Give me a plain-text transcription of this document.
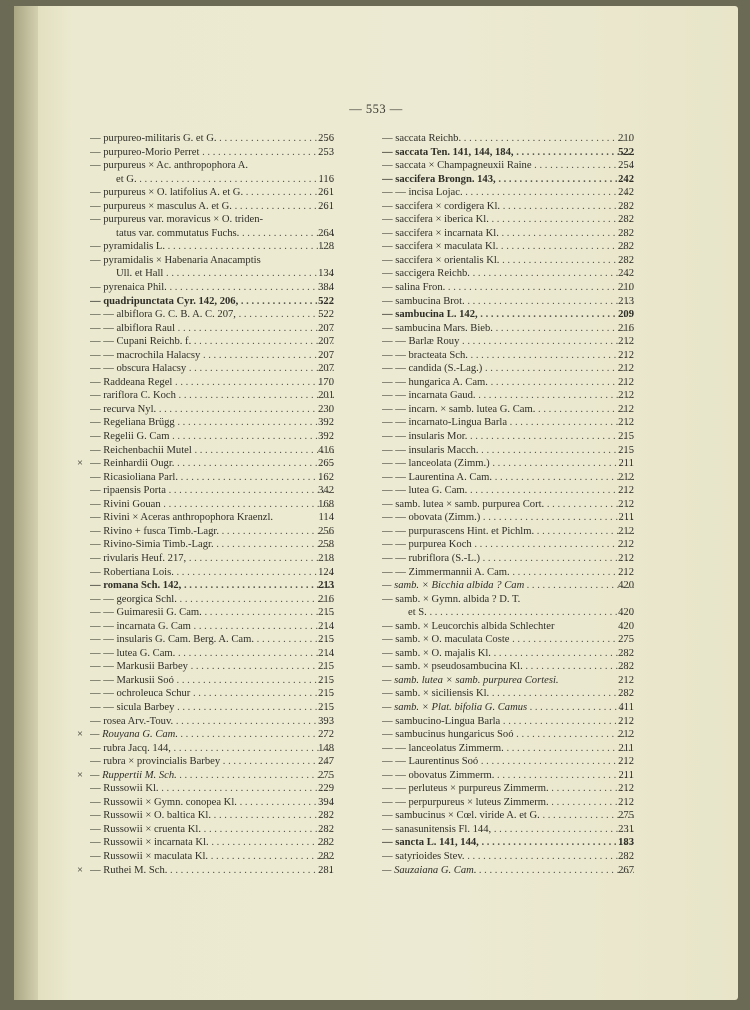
— 553 —
— purpureo-militaris G. et G. . . .	256
— purpureo-Morio Perret . . .	253
— purpureus × Ac. anthropophora A.
et G. . . .	116
— purpureus × O. latifolius A. et G. . . .	261
— purpureus × masculus A. et G. . . .	261
— purpureus var. moravicus × O. triden-
tatus var. commutatus Fuchs. . . .	264
— pyramidalis L. . . .	128
— pyramidalis × Habenaria Anacamptis
Ull. et Hall . . .	134
— pyrenaica Phil. . . .	384
— quadripunctata Cyr. 142, 206, . . .	522
— — albiflora G. C. B. A. C. 207, . . .	522
— — albiflora Raul . . .	207
— — Cupani Reichb. f. . . .	207
— — macrochila Halacsy . . .	207
— — obscura Halacsy . . .	207
— Raddeana Regel . . .	170
— rariflora C. Koch . . .	201
— recurva Nyl. . . .	230
— Regeliana Brügg . . .	392
— Regelii G. Cam . . .	392
— Reichenbachii Mutel . . .	416
× — Reinhardii Ougr. . . .	265
— Ricasioliana Parl. . . .	162
— ripaensis Porta . . .	342
— Rivini Gouan . . .	168
— Rivini × Aceras anthropophora Kraenzl.	114
— Rivino + fusca Timb.-Lagr. . . .	256
— Rivino-Simia Timb.-Lagr. . . .	258
— rivularis Heuf. 217, . . .	218
— Robertiana Lois. . . .	124
— romana Sch. 142, . . .	213
— — georgica Schl. . . .	216
— — Guimaresii G. Cam. . . .	215
— — incarnata G. Cam . . .	214
— — insularis G. Cam. Berg. A. Cam. . . .	215
— — lutea G. Cam. . . .	214
— — Markusii Barbey . . .	215
— — Markusii Soó . . .	215
— — ochroleuca Schur . . .	215
— — sicula Barbey . . .	215
— rosea Arv.-Touv. . . .	393
× — Rouyana G. Cam. . . .	272
— rubra Jacq. 144, . . .	148
— rubra × provincialis Barbey . . .	247
× — Ruppertii M. Sch. . . .	275
— Russowii Kl. . . .	229
— Russowii × Gymn. conopea Kl. . . .	394
— Russowii × O. baltica Kl. . . .	282
— Russowii × cruenta Kl. . . .	282
— Russowii × incarnata Kl. . . .	282
— Russowii × maculata Kl. . . .	282
× — Ruthei M. Sch. . . .	281
— saccata Reichb. . . .	210
— saccata Ten. 141, 144, 184, . . .	522
— saccata × Champagneuxii Raine . . .	254
— saccifera Brongn. 143, . . .	242
— — incisa Lojac. . . .	242
— saccifera × cordigera Kl. . . .	282
— saccifera × iberica Kl. . . .	282
— saccifera × incarnata Kl. . . .	282
— saccifera × maculata Kl. . . .	282
— saccifera × orientalis Kl. . . .	282
— saccigera Reichb. . . .	242
— salina Fron. . . .	210
— sambucina Brot. . . .	213
— sambucina L. 142, . . .	209
— sambucina Mars. Bieb. . . .	216
— — Barlæ Rouy . . .	212
— — bracteata Sch. . . .	212
— — candida (S.-Lag.) . . .	212
— — hungarica A. Cam. . . .	212
— — incarnata Gaud. . . .	212
— — incarn. × samb. lutea G. Cam. . . .	212
— — incarnato-Lingua Barla . . .	212
— — insularis Mor. . . .	215
— — insularis Macch. . . .	215
— — lanceolata (Zimm.) . . .	211
— — Laurentina A. Cam. . . .	212
— — lutea G. Cam. . . .	212
— samb. lutea × samb. purpurea Cort. . . .	212
— — obovata (Zimm.) . . .	211
— — purpurascens Hint. et Pichlm. . . .	212
— — purpurea Koch . . .	212
— — rubriflora (S.-L.) . . .	212
— — Zimmermannii A. Cam. . . .	212
— samb. × Bicchia albida ? Cam . . .	420
— samb. × Gymn. albida ? D. T.
et S. . . .	420
— samb. × Leucorchis albida Schlechter	420
— samb. × O. maculata Coste . . .	275
— samb. × O. majalis Kl. . . .	282
— samb. × pseudosambucina Kl. . . .	282
— samb. lutea × samb. purpurea Cortesi.	212
— samb. × siciliensis Kl. . . .	282
— samb. × Plat. bifolia G. Camus . . .	411
— sambucino-Lingua Barla . . .	212
— sambucinus hungaricus Soó . . .	212
— — lanceolatus Zimmerm. . . .	211
— — Laurentinus Soó . . .	212
— — obovatus Zimmerm. . . .	211
— — perluteus × purpureus Zimmerm. . . .	212
— — perpurpureus × luteus Zimmerm. . . .	212
— sambucinus × Cœl. viride A. et G. . . .	275
— sanasunitensis Fl. 144, . . .	231
— sancta L. 141, 144, . . .	183
— satyrioides Stev. . . .	282
— Sauzaiana G. Cam. . . .	267
